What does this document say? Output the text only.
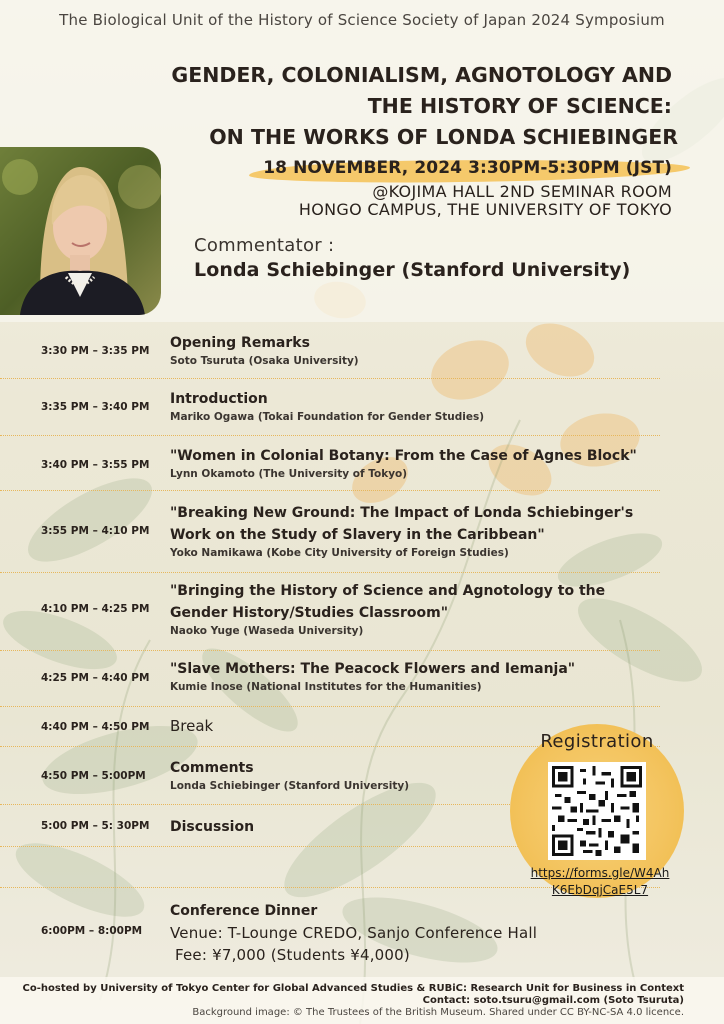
The Biological Unit of the History of Science Society of Japan 2024 Symposium
GENDER, COLONIALISM, AGNOTOLOGY AND
THE HISTORY OF SCIENCE:
ON THE WORKS OF LONDA SCHIEBINGER
18 NOVEMBER, 2024 3:30PM-5:30PM (JST)
@KOJIMA HALL 2ND SEMINAR ROOM
HONGO CAMPUS, THE UNIVERSITY OF TOKYO
Commentator :
Londa Schiebinger (Stanford University)
3:30 PM – 3:35 PM Opening Remarks
Soto Tsuruta (Osaka University)
3:35 PM – 3:40 PM Introduction
Mariko Ogawa (Tokai Foundation for Gender Studies)
3:40 PM – 3:55 PM
"Women in Colonial Botany: From the Case of Agnes Block"
Lynn Okamoto (The University of Tokyo)
3:55 PM – 4:10 PM
"Breaking New Ground: The Impact of Londa Schiebinger's
Work on the Study of Slavery in the Caribbean"
Yoko Namikawa (Kobe City University of Foreign Studies)
4:10 PM – 4:25 PM
"Bringing the History of Science and Agnotology to the
Gender History/Studies Classroom"
Naoko Yuge (Waseda University)
4:25 PM – 4:40 PM
"Slave Mothers: The Peacock Flowers and Iemanja"
Kumie Inose (National Institutes for the Humanities)
4:40 PM – 4:50 PM Break
4:50 PM – 5:00PM Comments
Londa Schiebinger (Stanford University)
5:00 PM – 5: 30PM Discussion
6:00PM – 8:00PM
Conference Dinner
Venue: T-Lounge CREDO, Sanjo Conference Hall
Fee: ¥7,000 (Students ¥4,000)
Registration
https://forms.gle/W4Ah
K6EbDqjCaE5L7
Co-hosted by University of Tokyo Center for Global Advanced Studies & RUBiC: Research Unit for Business in Context
Contact: soto.tsuru@gmail.com (Soto Tsuruta)
Background image: © The Trustees of the British Museum. Shared under CC BY-NC-SA 4.0 licence.
